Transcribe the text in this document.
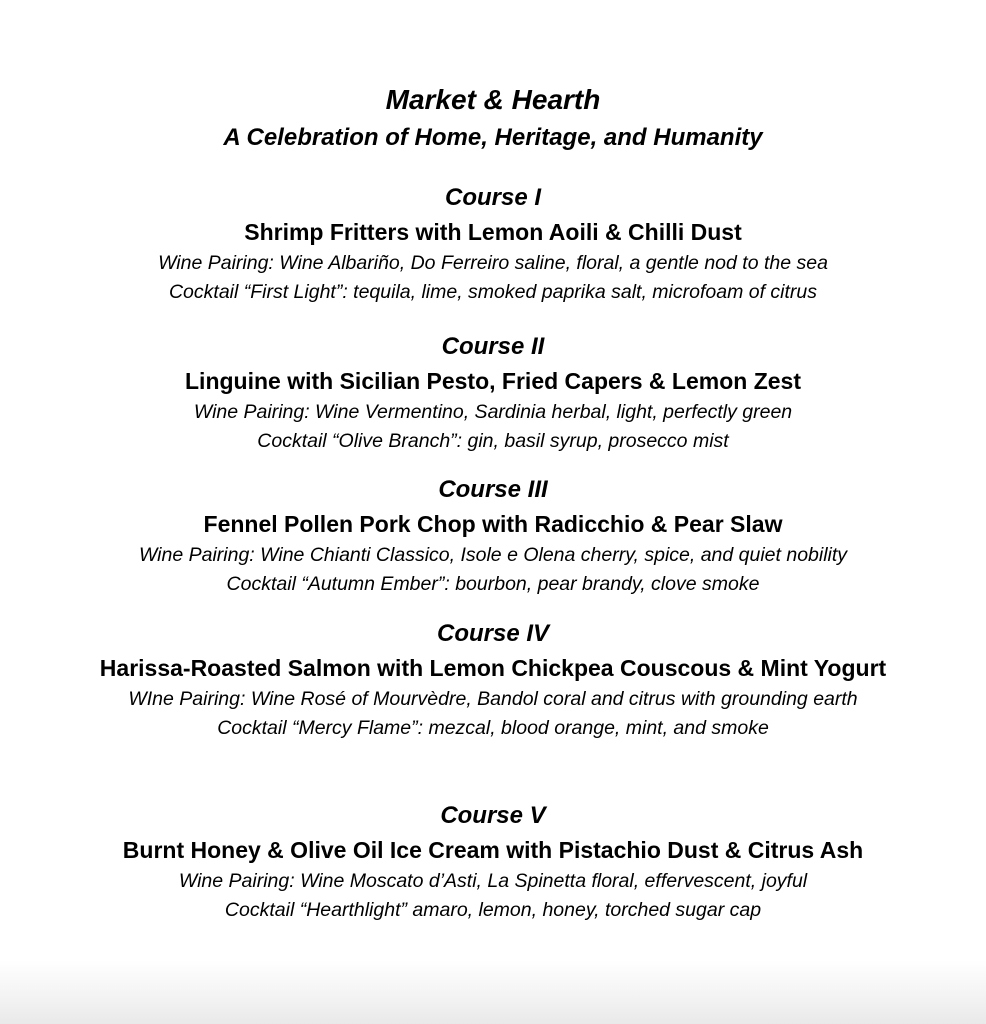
Market & Hearth
A Celebration of Home, Heritage, and Humanity
Course I
Shrimp Fritters with Lemon Aoili & Chilli Dust
Wine Pairing: Wine Albariño, Do Ferreiro saline, floral, a gentle nod to the sea
Cocktail “First Light”: tequila, lime, smoked paprika salt, microfoam of citrus
Course II
Linguine with Sicilian Pesto, Fried Capers & Lemon Zest
Wine Pairing: Wine Vermentino, Sardinia herbal, light, perfectly green
Cocktail “Olive Branch”: gin, basil syrup, prosecco mist
Course III
Fennel Pollen Pork Chop with Radicchio & Pear Slaw
Wine Pairing: Wine Chianti Classico, Isole e Olena cherry, spice, and quiet nobility
Cocktail “Autumn Ember”: bourbon, pear brandy, clove smoke
Course IV
Harissa-Roasted Salmon with Lemon Chickpea Couscous & Mint Yogurt
WIne Pairing: Wine Rosé of Mourvèdre, Bandol coral and citrus with grounding earth
Cocktail “Mercy Flame”: mezcal, blood orange, mint, and smoke
Course V
Burnt Honey & Olive Oil Ice Cream with Pistachio Dust & Citrus Ash
Wine Pairing: Wine Moscato d’Asti, La Spinetta floral, effervescent, joyful
Cocktail “Hearthlight” amaro, lemon, honey, torched sugar cap
